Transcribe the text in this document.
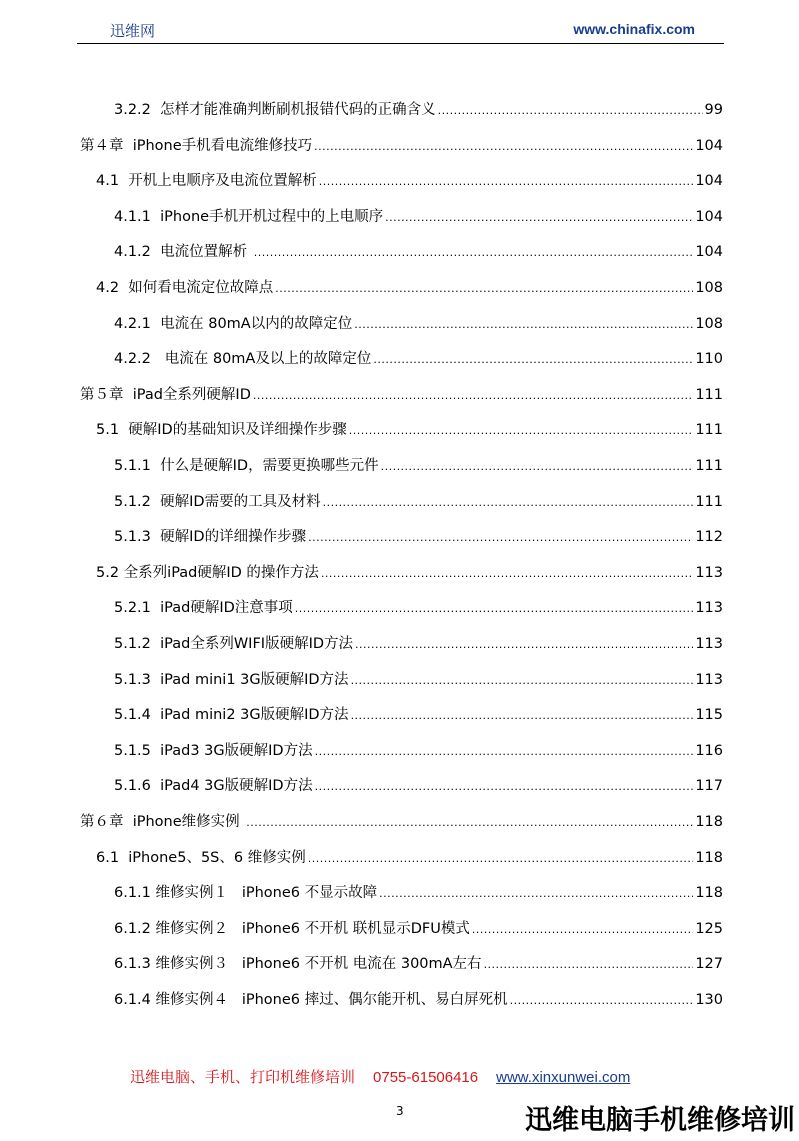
迅维网	www.chinafix.com
3.2.2 怎样才能准确判断刷机报错代码的正确含义 .....	99
第４章 iPhone手机看电流维修技巧 .....	104
4.1 开机上电顺序及电流位置解析 .....	104
4.1.1 iPhone手机开机过程中的上电顺序 .....	104
4.1.2 电流位置解析 .....	104
4.2 如何看电流定位故障点 .....	108
4.2.1 电流在 80mA以内的故障定位 .....	108
4.2.2 电流在 80mA及以上的故障定位 .....	110
第５章 iPad全系列硬解ID .....	111
5.1 硬解ID的基础知识及详细操作步骤 .....	111
5.1.1 什么是硬解ID，需要更换哪些元件 .....	111
5.1.2 硬解ID需要的工具及材料 .....	111
5.1.3 硬解ID的详细操作步骤 .....	112
5.2 全系列iPad硬解ID 的操作方法 .....	113
5.2.1 iPad硬解ID注意事项 .....	113
5.1.2 iPad全系列WIFI版硬解ID方法 .....	113
5.1.3 iPad mini1 3G版硬解ID方法 .....	113
5.1.4 iPad mini2 3G版硬解ID方法 .....	115
5.1.5 iPad3 3G版硬解ID方法 .....	116
5.1.6 iPad4 3G版硬解ID方法 .....	117
第６章 iPhone维修实例 .....	118
6.1 iPhone5、5S、6 维修实例 .....	118
6.1.1 维修实例１   iPhone6 不显示故障 .....	118
6.1.2 维修实例２   iPhone6 不开机 联机显示DFU模式 .....	125
6.1.3 维修实例３   iPhone6 不开机 电流在 300mA左右 .....	127
6.1.4 维修实例４   iPhone6 摔过、偶尔能开机、易白屏死机 .....	130
迅维电脑、手机、打印机维修培训 0755-61506416 www.xinxunwei.com
3	迅维电脑手机维修培训
